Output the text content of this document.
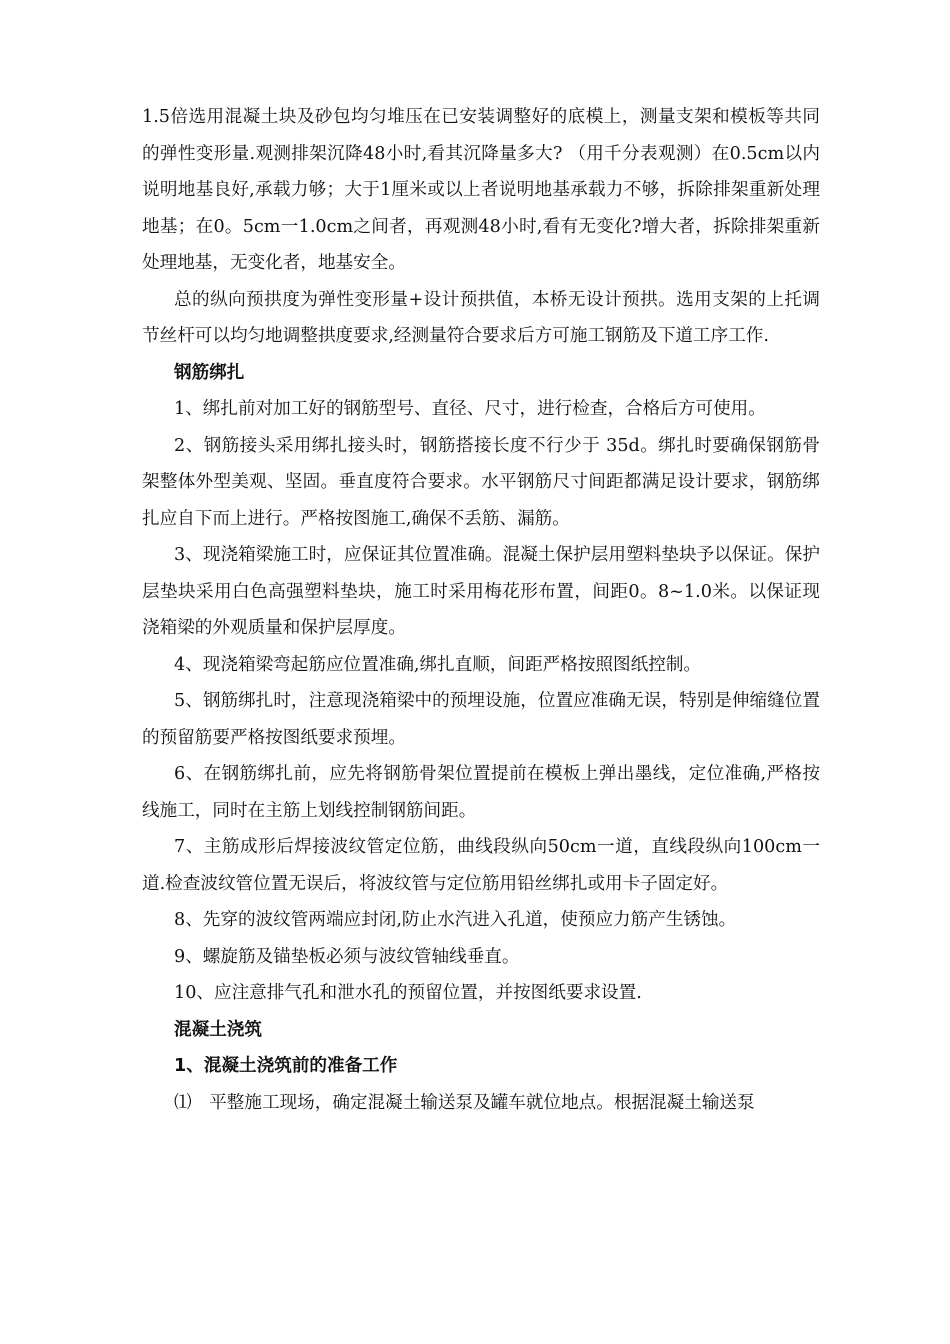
1.5倍选用混凝土块及砂包均匀堆压在已安装调整好的底模上，测量支架和模板等共同的弹性变形量.观测排架沉降48小时,看其沉降量多大? （用千分表观测）在0.5cm以内说明地基良好,承载力够；大于1厘米或以上者说明地基承载力不够，拆除排架重新处理地基；在0。5cm一1.0cm之间者，再观测48小时,看有无变化?增大者，拆除排架重新处理地基，无变化者，地基安全。

总的纵向预拱度为弹性变形量+设计预拱值，本桥无设计预拱。选用支架的上托调节丝杆可以均匀地调整拱度要求,经测量符合要求后方可施工钢筋及下道工序工作.

钢筋绑扎

1、绑扎前对加工好的钢筋型号、直径、尺寸，进行检查，合格后方可使用。

2、钢筋接头采用绑扎接头时，钢筋搭接长度不行少于 35d。绑扎时要确保钢筋骨架整体外型美观、坚固。垂直度符合要求。水平钢筋尺寸间距都满足设计要求，钢筋绑扎应自下而上进行。严格按图施工,确保不丢筋、漏筋。

3、现浇箱梁施工时，应保证其位置准确。混凝土保护层用塑料垫块予以保证。保护层垫块采用白色高强塑料垫块，施工时采用梅花形布置，间距0。8~1.0米。以保证现浇箱梁的外观质量和保护层厚度。

4、现浇箱梁弯起筋应位置准确,绑扎直顺，间距严格按照图纸控制。

5、钢筋绑扎时，注意现浇箱梁中的预埋设施，位置应准确无误，特别是伸缩缝位置的预留筋要严格按图纸要求预埋。

6、在钢筋绑扎前，应先将钢筋骨架位置提前在模板上弹出墨线，定位准确,严格按线施工，同时在主筋上划线控制钢筋间距。

7、主筋成形后焊接波纹管定位筋，曲线段纵向50cm一道，直线段纵向100cm一道.检查波纹管位置无误后，将波纹管与定位筋用铅丝绑扎或用卡子固定好。

8、先穿的波纹管两端应封闭,防止水汽进入孔道，使预应力筋产生锈蚀。

9、螺旋筋及锚垫板必须与波纹管轴线垂直。

10、应注意排气孔和泄水孔的预留位置，并按图纸要求设置.

混凝土浇筑

1、混凝土浇筑前的准备工作

⑴　平整施工现场，确定混凝土输送泵及罐车就位地点。根据混凝土输送泵
